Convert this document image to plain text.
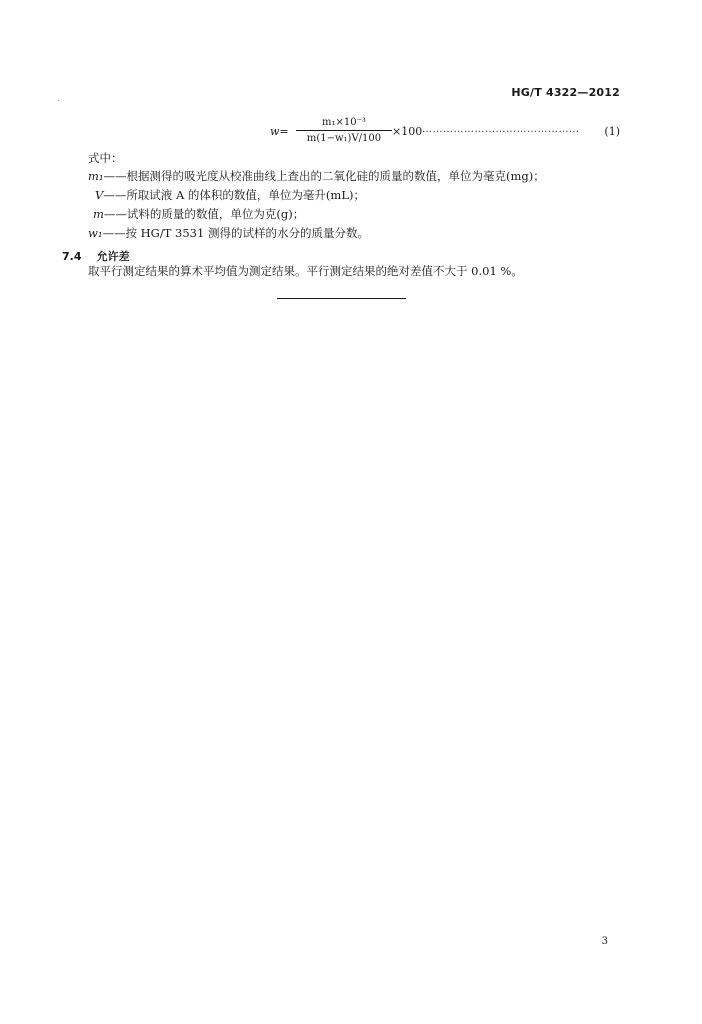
HG/T 4322—2012
w=
m₁×10⁻³
m(1−w₁)V/100
×100 ……………………………………… (1)
式中：
m₁——根据测得的吸光度从校准曲线上查出的二氧化硅的质量的数值，单位为毫克(mg)；
V——所取试液 A 的体积的数值，单位为毫升(mL)；
m——试料的质量的数值，单位为克(g)；
w₁——按 HG/T 3531 测得的试样的水分的质量分数。
7.4 允许差
取平行测定结果的算术平均值为测定结果。平行测定结果的绝对差值不大于 0.01 %。
3
